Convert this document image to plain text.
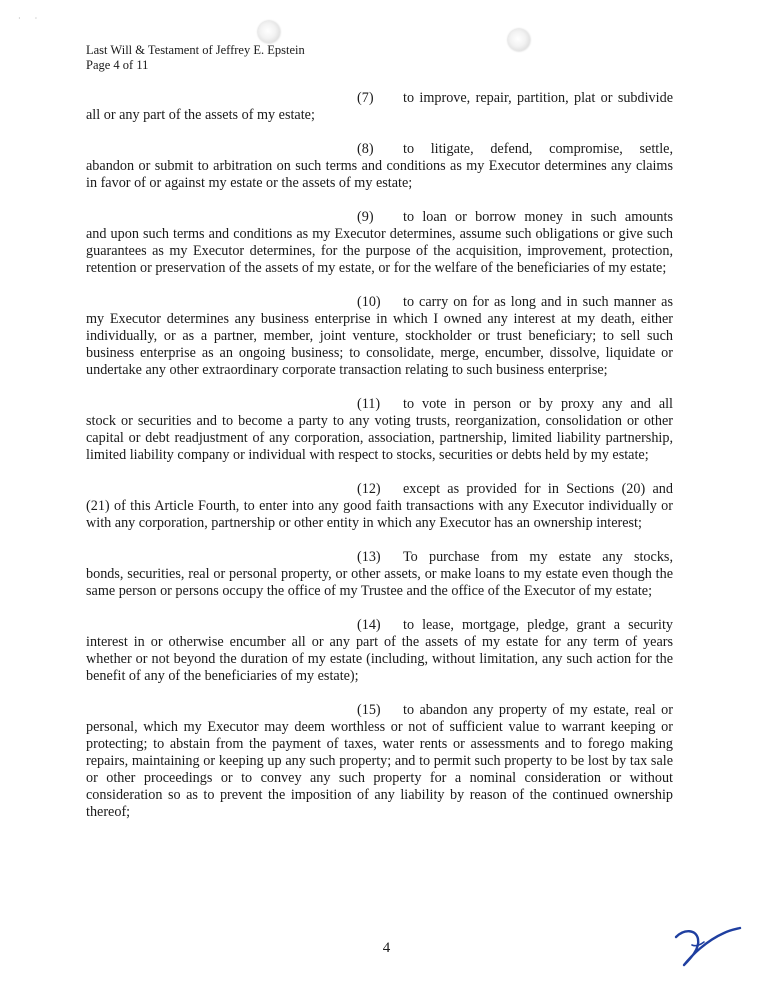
· ·
Last Will & Testament of Jeffrey E. Epstein
Page 4 of 11
(7) to improve, repair, partition, plat or subdivide
all or any part of the assets of my estate;
(8) to litigate, defend, compromise, settle,
abandon or submit to arbitration on such terms and conditions as my Executor determines any claims in favor of or against my estate or the assets of my estate;
(9) to loan or borrow money in such amounts
and upon such terms and conditions as my Executor determines, assume such obligations or give such guarantees as my Executor determines, for the purpose of the acquisition, improvement, protection, retention or preservation of the assets of my estate, or for the welfare of the beneficiaries of my estate;
(10) to carry on for as long and in such manner as
my Executor determines any business enterprise in which I owned any interest at my death, either individually, or as a partner, member, joint venture, stockholder or trust beneficiary; to sell such business enterprise as an ongoing business; to consolidate, merge, encumber, dissolve, liquidate or undertake any other extraordinary corporate transaction relating to such business enterprise;
(11) to vote in person or by proxy any and all
stock or securities and to become a party to any voting trusts, reorganization, consolidation or other capital or debt readjustment of any corporation, association, partnership, limited liability partnership, limited liability company or individual with respect to stocks, securities or debts held by my estate;
(12) except as provided for in Sections (20) and
(21) of this Article Fourth, to enter into any good faith transactions with any Executor individually or with any corporation, partnership or other entity in which any Executor has an ownership interest;
(13) To purchase from my estate any stocks,
bonds, securities, real or personal property, or other assets, or make loans to my estate even though the same person or persons occupy the office of my Trustee and the office of the Executor of my estate;
(14) to lease, mortgage, pledge, grant a security
interest in or otherwise encumber all or any part of the assets of my estate for any term of years whether or not beyond the duration of my estate (including, without limitation, any such action for the benefit of any of the beneficiaries of my estate);
(15) to abandon any property of my estate, real or
personal, which my Executor may deem worthless or not of sufficient value to warrant keeping or protecting; to abstain from the payment of taxes, water rents or assessments and to forego making repairs, maintaining or keeping up any such property; and to permit such property to be lost by tax sale or other proceedings or to convey any such property for a nominal consideration or without consideration so as to prevent the imposition of any liability by reason of the continued ownership thereof;
4
